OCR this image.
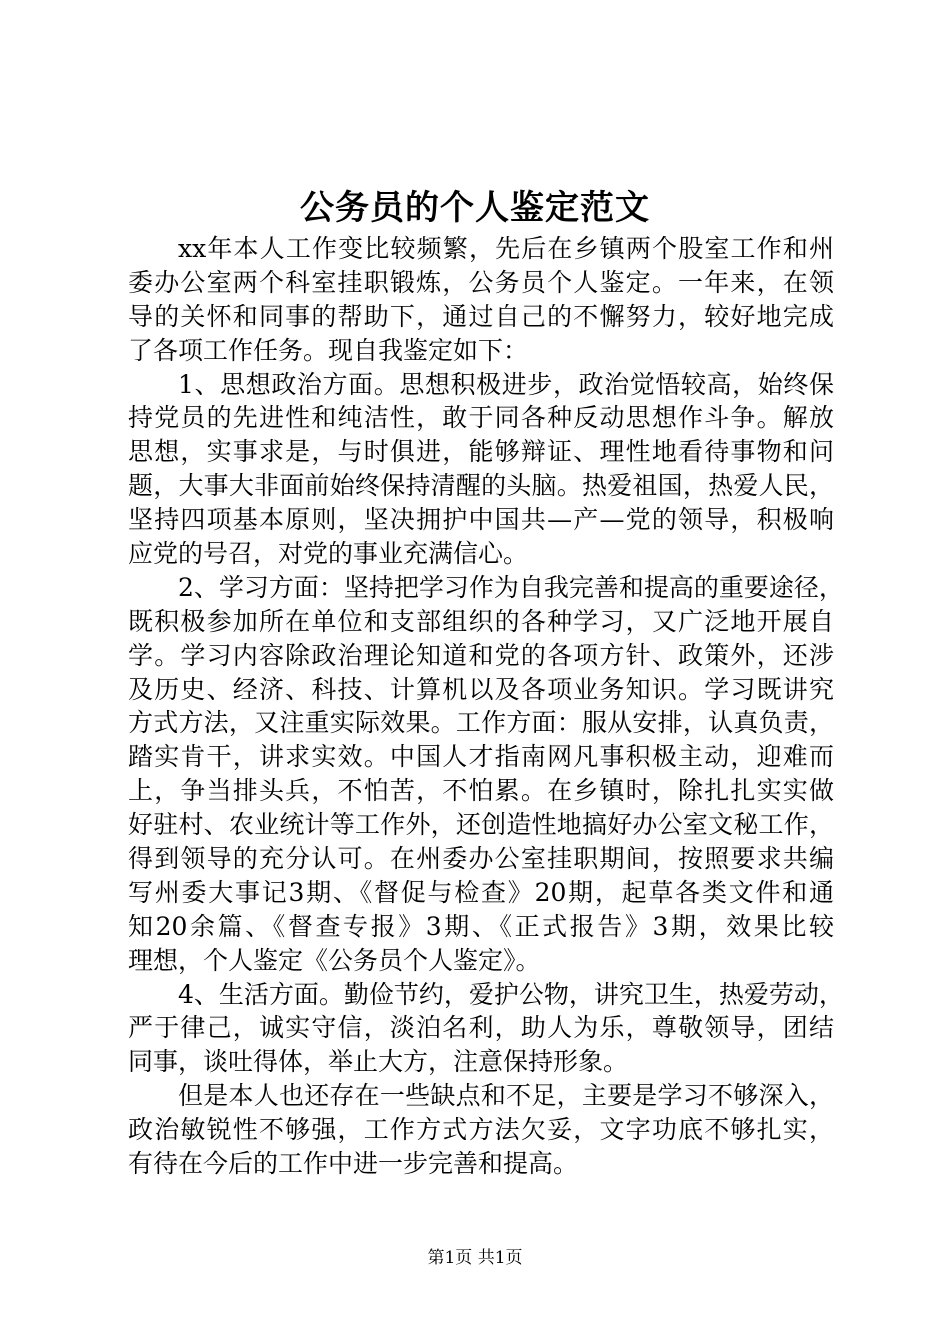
公务员的个人鉴定范文
xx年本人工作变比较频繁，先后在乡镇两个股室工作和州
委办公室两个科室挂职锻炼，公务员个人鉴定。一年来，在领
导的关怀和同事的帮助下，通过自己的不懈努力，较好地完成
了各项工作任务。现自我鉴定如下：
1、思想政治方面。思想积极进步，政治觉悟较高，始终保
持党员的先进性和纯洁性，敢于同各种反动思想作斗争。解放
思想，实事求是，与时俱进，能够辩证、理性地看待事物和问
题，大事大非面前始终保持清醒的头脑。热爱祖国，热爱人民，
坚持四项基本原则，坚决拥护中国共—产—党的领导，积极响
应党的号召，对党的事业充满信心。
2、学习方面：坚持把学习作为自我完善和提高的重要途径，
既积极参加所在单位和支部组织的各种学习，又广泛地开展自
学。学习内容除政治理论知道和党的各项方针、政策外，还涉
及历史、经济、科技、计算机以及各项业务知识。学习既讲究
方式方法，又注重实际效果。工作方面：服从安排，认真负责，
踏实肯干，讲求实效。中国人才指南网凡事积极主动，迎难而
上，争当排头兵，不怕苦，不怕累。在乡镇时，除扎扎实实做
好驻村、农业统计等工作外，还创造性地搞好办公室文秘工作，
得到领导的充分认可。在州委办公室挂职期间，按照要求共编
写州委大事记3期、《督促与检查》20期，起草各类文件和通
知20余篇、《督查专报》3期、《正式报告》3期，效果比较
理想，个人鉴定《公务员个人鉴定》。
4、生活方面。勤俭节约，爱护公物，讲究卫生，热爱劳动，
严于律己，诚实守信，淡泊名利，助人为乐，尊敬领导，团结
同事，谈吐得体，举止大方，注意保持形象。
但是本人也还存在一些缺点和不足，主要是学习不够深入，
政治敏锐性不够强，工作方式方法欠妥，文字功底不够扎实，
有待在今后的工作中进一步完善和提高。
第1页 共1页
